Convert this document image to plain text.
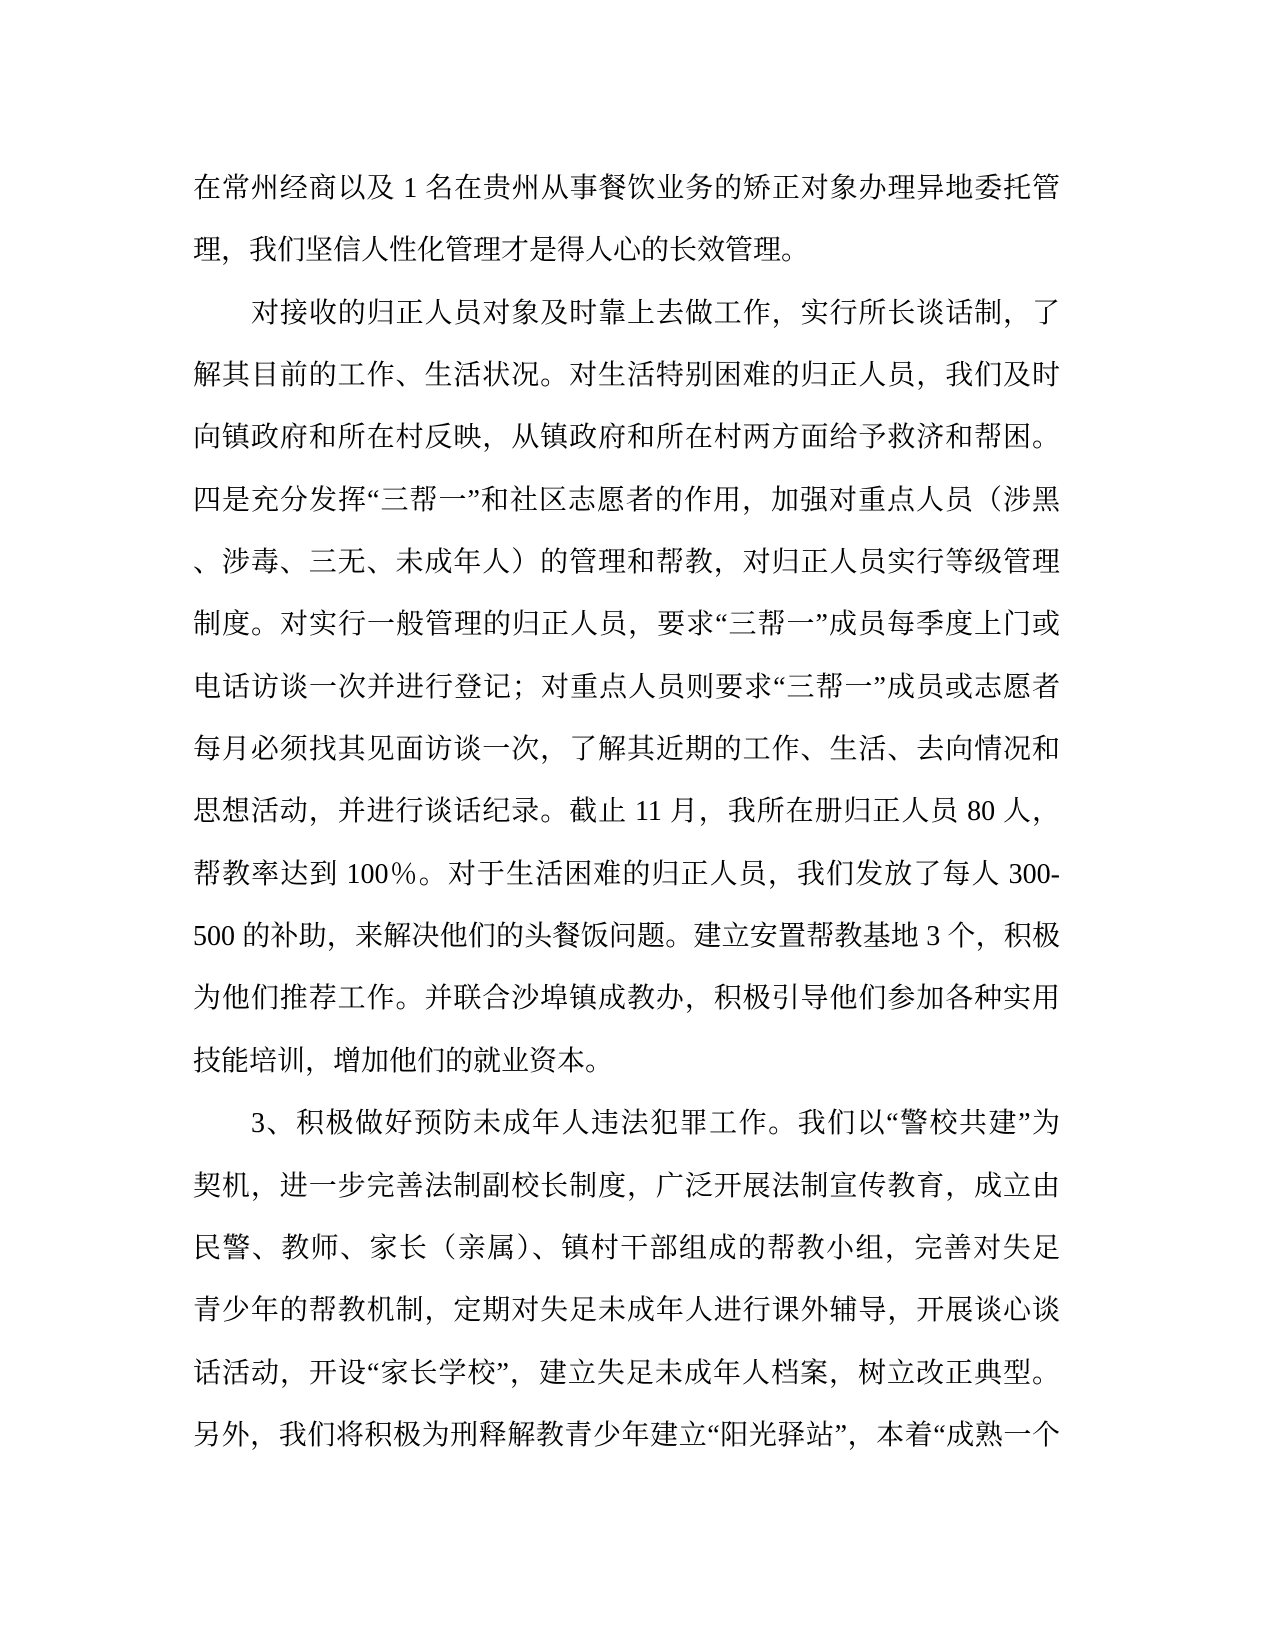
在常州经商以及 1 名在贵州从事餐饮业务的矫正对象办理异地委托管
理，我们坚信人性化管理才是得人心的长效管理。
对接收的归正人员对象及时靠上去做工作，实行所长谈话制，了
解其目前的工作、生活状况。对生活特别困难的归正人员，我们及时
向镇政府和所在村反映，从镇政府和所在村两方面给予救济和帮困。
四是充分发挥“三帮一”和社区志愿者的作用，加强对重点人员（涉黑
、涉毒、三无、未成年人）的管理和帮教，对归正人员实行等级管理
制度。对实行一般管理的归正人员，要求“三帮一”成员每季度上门或
电话访谈一次并进行登记；对重点人员则要求“三帮一”成员或志愿者
每月必须找其见面访谈一次，了解其近期的工作、生活、去向情况和
思想活动，并进行谈话纪录。截止 11 月，我所在册归正人员 80 人，
帮教率达到 100％。对于生活困难的归正人员，我们发放了每人 300-
500 的补助，来解决他们的头餐饭问题。建立安置帮教基地 3 个，积极
为他们推荐工作。并联合沙埠镇成教办，积极引导他们参加各种实用
技能培训，增加他们的就业资本。
3、积极做好预防未成年人违法犯罪工作。我们以“警校共建”为
契机，进一步完善法制副校长制度，广泛开展法制宣传教育，成立由
民警、教师、家长（亲属）、镇村干部组成的帮教小组，完善对失足
青少年的帮教机制，定期对失足未成年人进行课外辅导，开展谈心谈
话活动，开设“家长学校”，建立失足未成年人档案，树立改正典型。
另外，我们将积极为刑释解教青少年建立“阳光驿站”，本着“成熟一个
